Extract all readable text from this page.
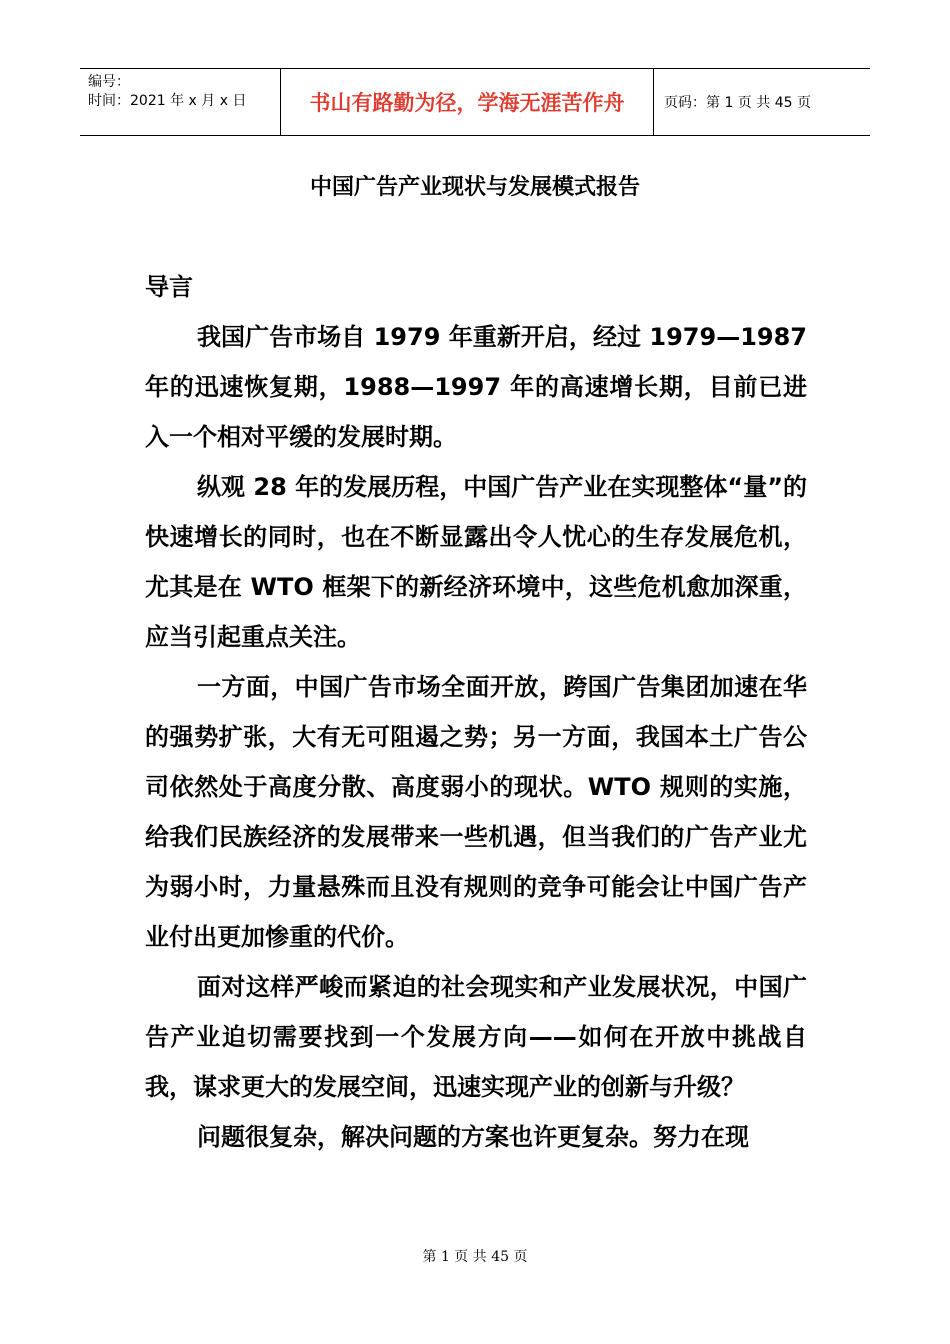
编号：
时间：2021 年 x 月 x 日	书山有路勤为径，学海无涯苦作舟	页码：第 1 页 共 45 页
中国广告产业现状与发展模式报告

导言

我国广告市场自 1979 年重新开启，经过 1979—1987 年的迅速恢复期，1988—1997 年的高速增长期，目前已进入一个相对平缓的发展时期。

纵观 28 年的发展历程，中国广告产业在实现整体“量”的快速增长的同时，也在不断显露出令人忧心的生存发展危机，尤其是在 WTO 框架下的新经济环境中，这些危机愈加深重，应当引起重点关注。

一方面，中国广告市场全面开放，跨国广告集团加速在华的强势扩张，大有无可阻遏之势；另一方面，我国本土广告公司依然处于高度分散、高度弱小的现状。WTO 规则的实施，给我们民族经济的发展带来一些机遇，但当我们的广告产业尤为弱小时，力量悬殊而且没有规则的竞争可能会让中国广告产业付出更加惨重的代价。

面对这样严峻而紧迫的社会现实和产业发展状况，中国广告产业迫切需要找到一个发展方向——如何在开放中挑战自我，谋求更大的发展空间，迅速实现产业的创新与升级？

问题很复杂，解决问题的方案也许更复杂。努力在现

第 1 页 共 45 页
